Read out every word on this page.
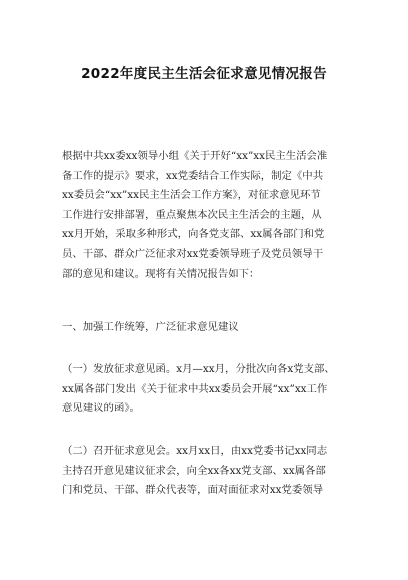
2022年度民主生活会征求意见情况报告

根据中共xx委xx领导小组《关于开好“xx”xx民主生活会准
备工作的提示》要求，xx党委结合工作实际，制定《中共
xx委员会“xx”xx民主生活会工作方案》，对征求意见环节
工作进行安排部署，重点聚焦本次民主生活会的主题，从
xx月开始，采取多种形式，向各党支部、xx属各部门和党
员、干部、群众广泛征求对xx党委领导班子及党员领导干
部的意见和建议。现将有关情况报告如下：

一、加强工作统筹，广泛征求意见建议

（一）发放征求意见函。x月—xx月，分批次向各x党支部、
xx属各部门发出《关于征求中共xx委员会开展“xx”xx工作
意见建议的函》。

（二）召开征求意见会。xx月xx日，由xx党委书记xx同志
主持召开意见建议征求会，向全xx各xx党支部、xx属各部
门和党员、干部、群众代表等，面对面征求对xx党委领导
